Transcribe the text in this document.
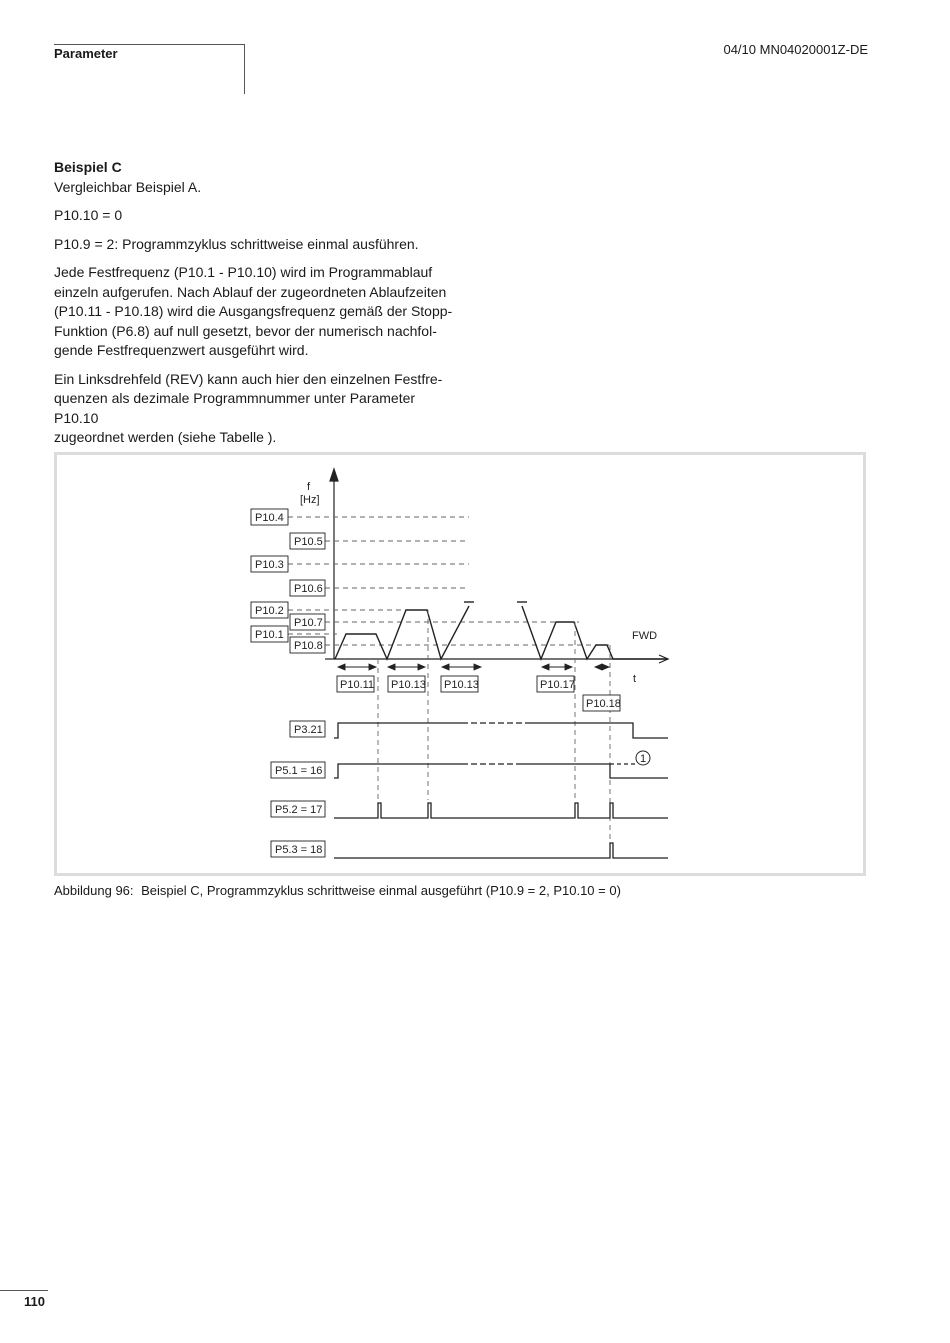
Parameter	04/10 MN04020001Z-DE

Beispiel C

Vergleichbar Beispiel A.

P10.10 = 0

P10.9 = 2: Programmzyklus schrittweise einmal ausführen.

Jede Festfrequenz (P10.1 - P10.10) wird im Programmablauf
einzeln aufgerufen. Nach Ablauf der zugeordneten Ablaufzeiten
(P10.11 - P10.18) wird die Ausgangsfrequenz gemäß der Stopp-
Funktion (P6.8) auf null gesetzt, bevor der numerisch nachfol-
gende Festfrequenzwert ausgeführt wird.

Ein Linksdrehfeld (REV) kann auch hier den einzelnen Festfre-
quenzen als dezimale Programmnummer unter Parameter P10.10
zugeordnet werden (siehe Tabelle ).

f
[Hz]
t
FWD
P10.4
P10.5
P10.3
P10.6
P10.2
P10.7
P10.1
P10.8
P10.11 P10.13 P10.13	P10.17
P10.18
P3.21
P5.1 = 16
P5.2 = 17
P5.3 = 18
1
Abbildung 96: Beispiel C, Programmzyklus schrittweise einmal ausgeführt (P10.9 = 2, P10.10 = 0)
110
